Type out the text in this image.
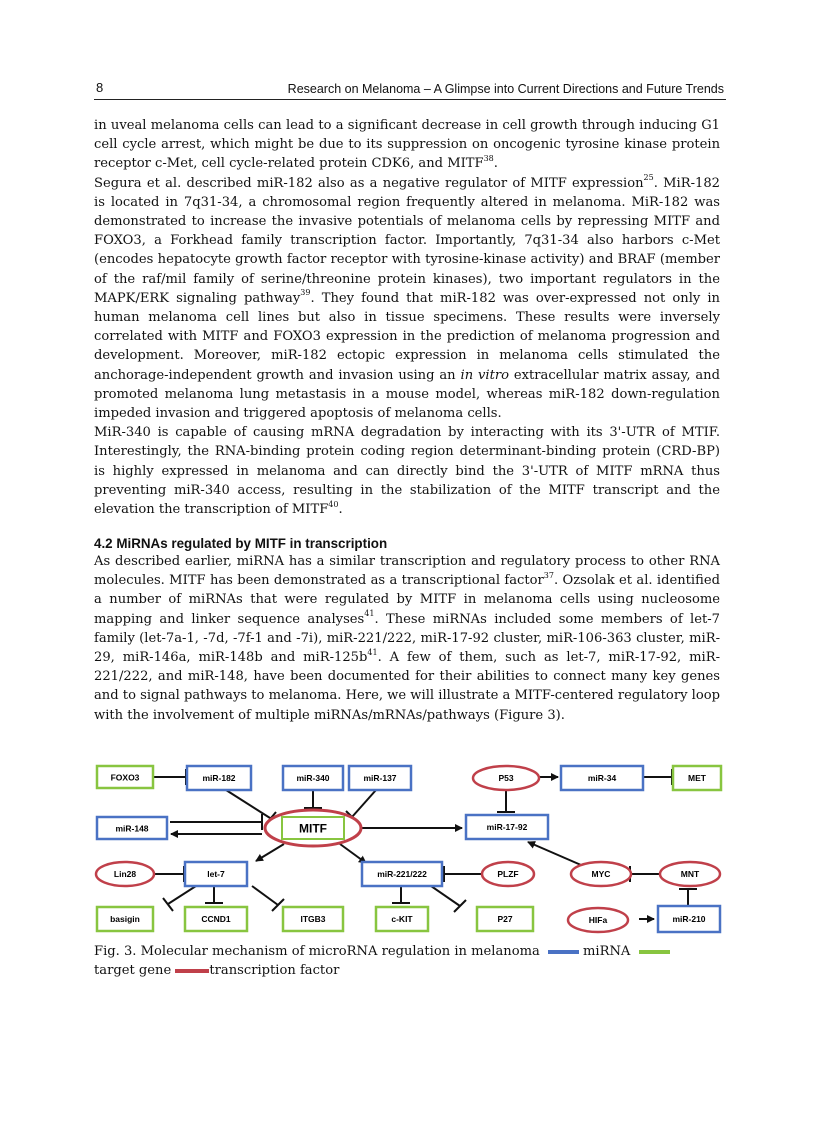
8	Research on Melanoma – A Glimpse into Current Directions and Future Trends

in uveal melanoma cells can lead to a significant decrease in cell growth through inducing G1 cell cycle arrest, which might be due to its suppression on oncogenic tyrosine kinase protein receptor c-Met, cell cycle-related protein CDK6, and MITF$^{38}$.

Segura et al. described miR-182 also as a negative regulator of MITF expression$^{25}$. MiR-182 is located in 7q31-34, a chromosomal region frequently altered in melanoma. MiR-182 was demonstrated to increase the invasive potentials of melanoma cells by repressing MITF and FOXO3, a Forkhead family transcription factor. Importantly, 7q31-34 also harbors c-Met (encodes hepatocyte growth factor receptor with tyrosine-kinase activity) and BRAF (member of the raf/mil family of serine/threonine protein kinases), two important regulators in the MAPK/ERK signaling pathway$^{39}$. They found that miR-182 was over-expressed not only in human melanoma cell lines but also in tissue specimens. These results were inversely correlated with MITF and FOXO3 expression in the prediction of melanoma progression and development. Moreover, miR-182 ectopic expression in melanoma cells stimulated the anchorage-independent growth and invasion using an in vitro extracellular matrix assay, and promoted melanoma lung metastasis in a mouse model, whereas miR-182 down-regulation impeded invasion and triggered apoptosis of melanoma cells.

MiR-340 is capable of causing mRNA degradation by interacting with its 3'-UTR of MTIF. Interestingly, the RNA-binding protein coding region determinant-binding protein (CRD-BP) is highly expressed in melanoma and can directly bind the 3'-UTR of MITF mRNA thus preventing miR-340 access, resulting in the stabilization of the MITF transcript and the elevation the transcription of MITF$^{40}$.

4.2 MiRNAs regulated by MITF in transcription

As described earlier, miRNA has a similar transcription and regulatory process to other RNA molecules. MITF has been demonstrated as a transcriptional factor$^{37}$. Ozsolak et al. identified a number of miRNAs that were regulated by MITF in melanoma cells using nucleosome mapping and linker sequence analyses$^{41}$. These miRNAs included some members of let-7 family (let-7a-1, -7d, -7f-1 and -7i), miR-221/222, miR-17-92 cluster, miR-106-363 cluster, miR-29, miR-146a, miR-148b and miR-$125b^{41}$. A few of them, such as let-7, miR-17-92, miR-221/222, and miR-148, have been documented for their abilities to connect many key genes and to signal pathways to melanoma. Here, we will illustrate a MITF-centered regulatory loop with the involvement of multiple miRNAs/mRNAs/pathways (Figure 3).

FOXO3	miR-182	miR-340	miR-137	P53	miR-34	MET
miR-148	MITF	miR-17-92
Lin28	let-7	miR-221/222	PLZF	MYC	MNT
basigin	CCND1	ITGB3	c-KIT	P27	HIFa	miR-210
Fig. 3. Molecular mechanism of microRNA regulation in melanoma	miRNA
target gene	transcription factor
